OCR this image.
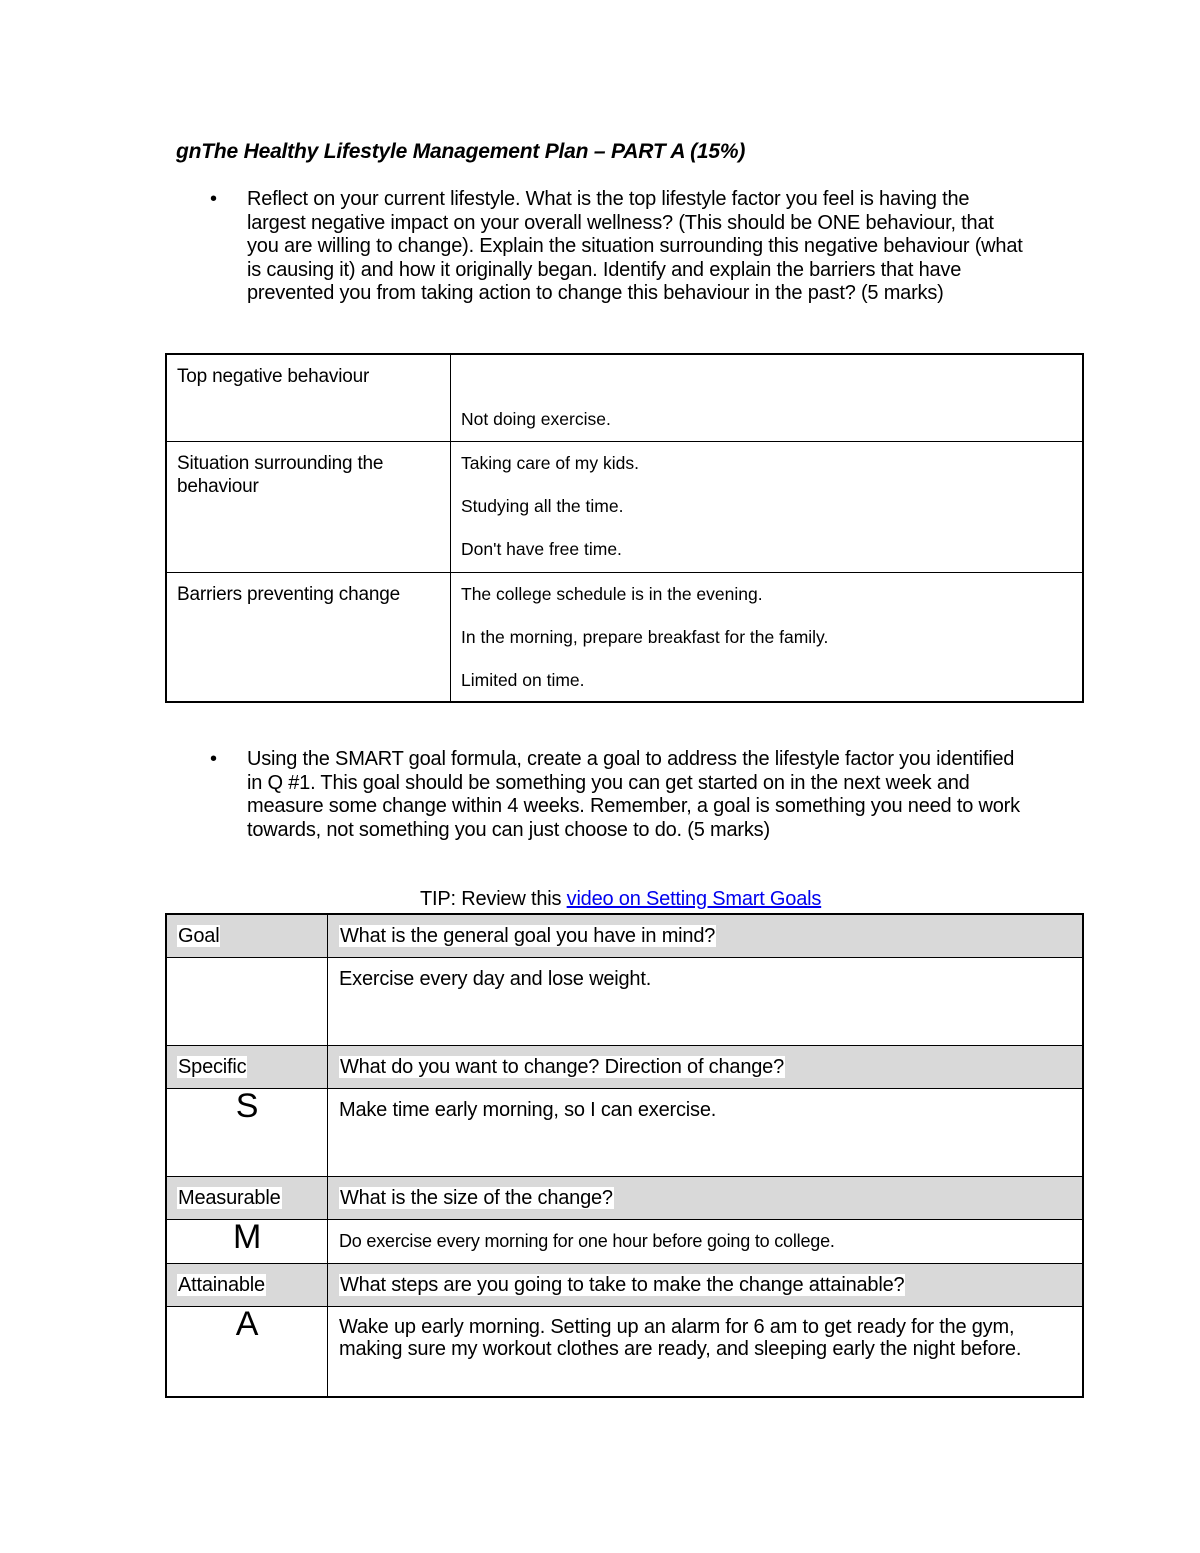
gnThe Healthy Lifestyle Management Plan – PART A (15%)
• Reflect on your current lifestyle. What is the top lifestyle factor you feel is having the largest negative impact on your overall wellness? (This should be ONE behaviour, that you are willing to change). Explain the situation surrounding this negative behaviour (what is causing it) and how it originally began. Identify and explain the barriers that have prevented you from taking action to change this behaviour in the past? (5 marks)
Top negative behaviour	Not doing exercise.

Situation surrounding the behaviour	Taking care of my kids.
Studying all the time.
Don't have free time.

Barriers preventing change	The college schedule is in the evening.
In the morning, prepare breakfast for the family.
Limited on time.
• Using the SMART goal formula, create a goal to address the lifestyle factor you identified in Q #1. This goal should be something you can get started on in the next week and measure some change within 4 weeks. Remember, a goal is something you need to work towards, not something you can just choose to do. (5 marks)
TIP: Review this video on Setting Smart Goals
Goal	What is the general goal you have in mind?
	Exercise every day and lose weight.
Specific	What do you want to change? Direction of change?
S	Make time early morning, so I can exercise.
Measurable	What is the size of the change?
M	Do exercise every morning for one hour before going to college.
Attainable	What steps are you going to take to make the change attainable?
A	Wake up early morning. Setting up an alarm for 6 am to get ready for the gym, making sure my workout clothes are ready, and sleeping early the night before.
